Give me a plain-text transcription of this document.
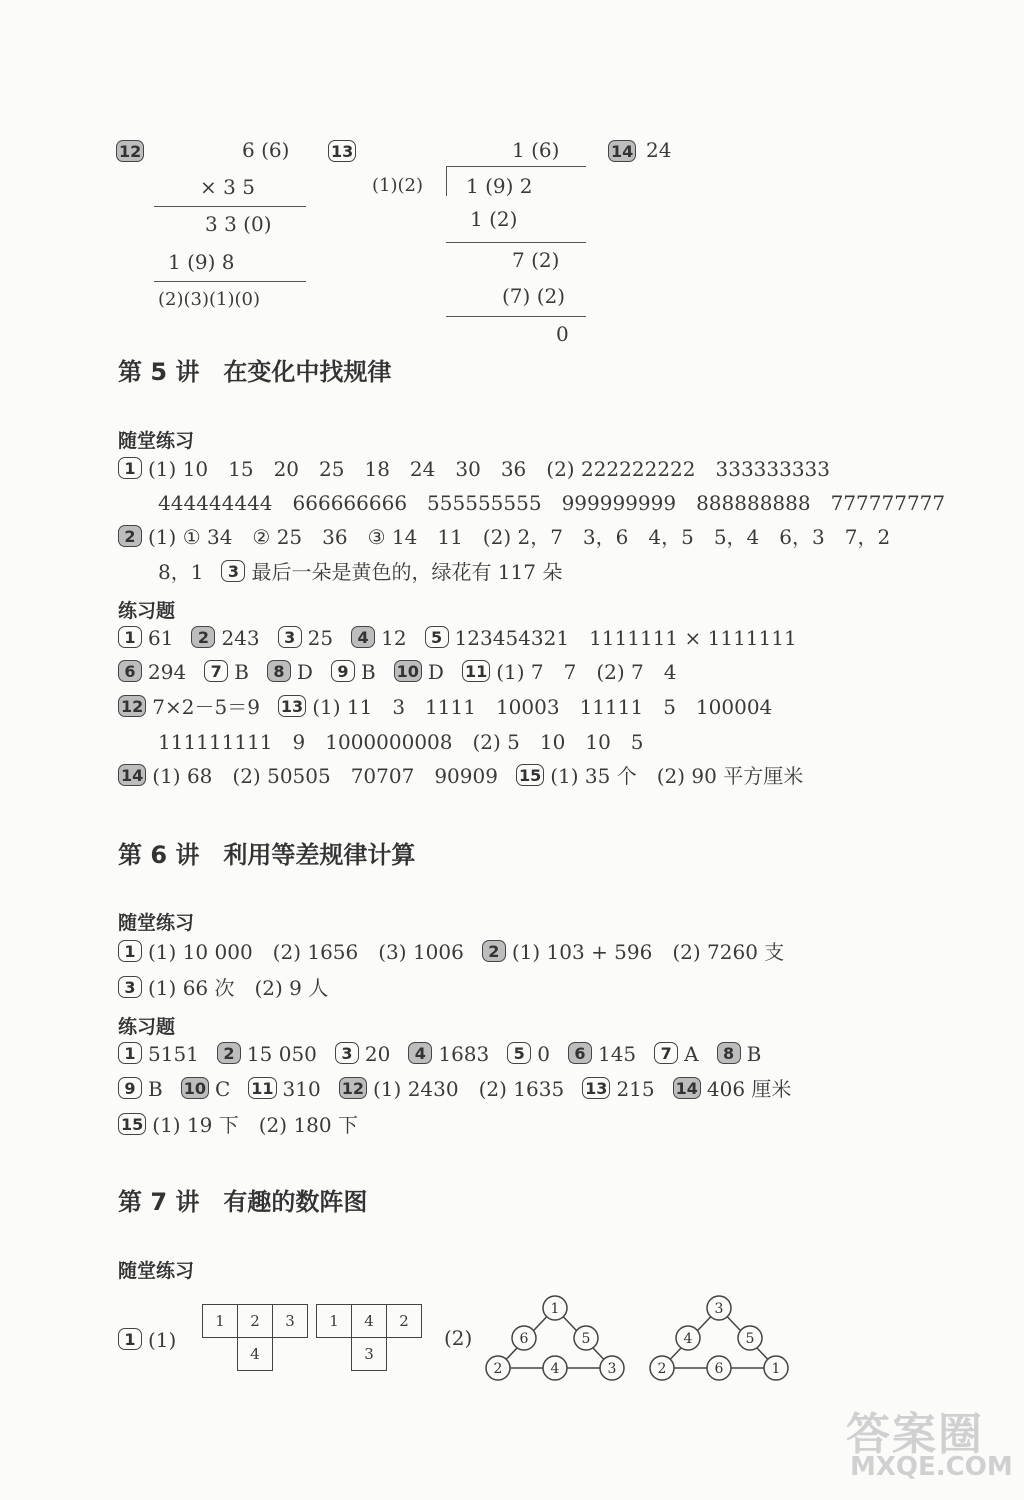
12	6 (6)
× 3 5
3 3 (0)
1 (9) 8
(2)(3)(1)(0)
13	1 (6)
(1)(2) 1 (9) 2
1 (2)
7 (2)
(7) (2)
0
14 24
第 5 讲　在变化中找规律
随堂练习
1 (1) 10　15　20　25　18　24　30　36　(2) 222222222　333333333
444444444　666666666　555555555　999999999　888888888　777777777
2 (1) ① 34　② 25　36　③ 14　11　(2) 2，7　3，6　4，5　5，4　6，3　7，2
8，1 3 最后一朵是黄色的，绿花有 117 朵
练习题
1 61 2 243 3 25 4 12 5 123454321　1111111 × 1111111
6 294 7 B 8 D 9 B 10 D 11 (1) 7　7　(2) 7　4
12 7×2－5＝9 13 (1) 11　3　1111　10003　11111　5　100004
111111111　9　1000000008　(2) 5　10　10　5
14 (1) 68　(2) 50505　70707　90909 15 (1) 35 个　(2) 90 平方厘米
第 6 讲　利用等差规律计算
随堂练习
1 (1) 10 000　(2) 1656　(3) 1006 2 (1) 103 + 596　(2) 7260 支
3 (1) 66 次　(2) 9 人
练习题
1 5151 2 15 050 3 20 4 1683 5 0 6 145 7 A 8 B
9 B 10 C 11 310 12 (1) 2430　(2) 1635 13 215 14 406 厘米
15 (1) 19 下　(2) 180 下
第 7 讲　有趣的数阵图
随堂练习
1 (1)
1	2	3
4
1	4	2
3
(2)
1
6	5
2	4	3
3
4	5
2	6	1
答案圈
MXQE.COM
